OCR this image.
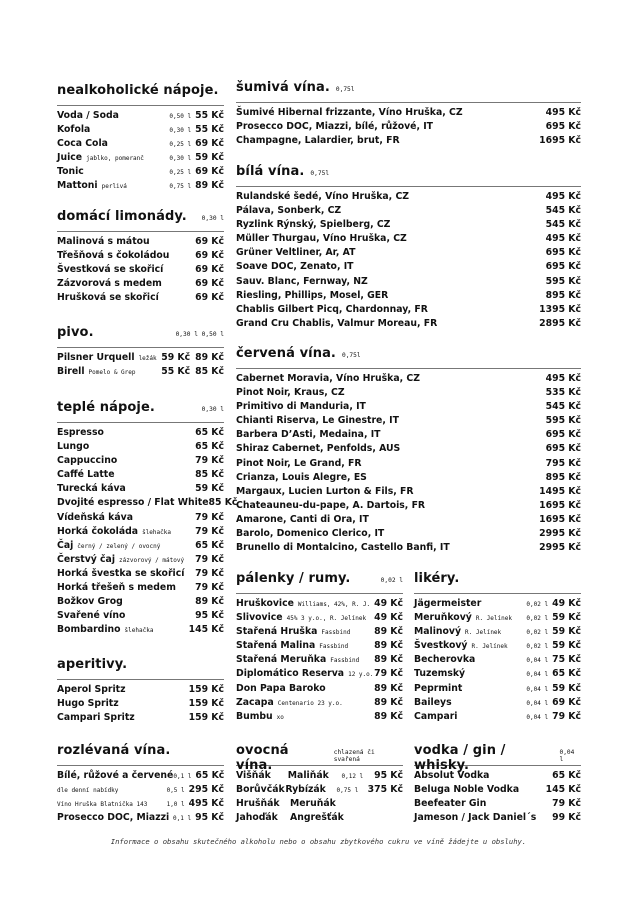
nealkoholické nápoje.
Voda / Soda	0,50 l 55 Kč
Kofola	0,30 l 55 Kč
Coca Cola	0,25 l 69 Kč
Juice jablko, pomeranč	0,30 l 59 Kč
Tonic	0,25 l 69 Kč
Mattoni perlivá	0,75 l 89 Kč
domácí limonády. 0,30 l
Malinová s mátou	69 Kč
Třešňová s čokoládou	69 Kč
Švestková se skořicí	69 Kč
Zázvorová s medem	69 Kč
Hrušková se skořicí	69 Kč
pivo.	0,30 l 0,50 l
Pilsner Urquell ležák 59 Kč 89 Kč
Birell Pomelo & Grep	55 Kč 85 Kč
teplé nápoje.	0,30 l
Espresso	65 Kč
Lungo	65 Kč
Cappuccino	79 Kč
Caffé Latte	85 Kč
Turecká káva	59 Kč
Dvojité espresso / Flat White 85 Kč
Vídeňská káva	79 Kč
Horká čokoláda šlehačka	79 Kč
Čaj černý / zelený / ovocný	65 Kč
Čerstvý čaj zázvorový / mátový 79 Kč
Horká švestka se skořicí 79 Kč
Horká třešeň s medem 79 Kč
Božkov Grog	89 Kč
Svařené víno	95 Kč
Bombardino šlehačka	145 Kč
aperitivy.
Aperol Spritz	159 Kč
Hugo Spritz	159 Kč
Campari Spritz	159 Kč
rozlévaná vína.
Bílé, růžové a červené 0,1 l 65 Kč
dle denní nabídky	0,5 l 295 Kč
Víno Hruška Blatnička 143	1,0 l 495 Kč
Prosecco DOC, Miazzi 0,1 l 95 Kč
šumivá vína. 0,75l
Šumivé Hibernal frizzante, Víno Hruška, CZ	495 Kč
Prosecco DOC, Miazzi, bílé, růžové, IT	695 Kč
Champagne, Lalardier, brut, FR	1695 Kč
bílá vína. 0,75l
Rulandské šedé, Víno Hruška, CZ	495 Kč
Pálava, Sonberk, CZ	545 Kč
Ryzlink Rýnský, Spielberg, CZ	545 Kč
Müller Thurgau, Víno Hruška, CZ	495 Kč
Grüner Veltliner, Ar, AT	695 Kč
Soave DOC, Zenato, IT	695 Kč
Sauv. Blanc, Fernway, NZ	595 Kč
Riesling, Phillips, Mosel, GER	895 Kč
Chablis Gilbert Picq, Chardonnay, FR	1395 Kč
Grand Cru Chablis, Valmur Moreau, FR	2895 Kč
červená vína. 0,75l
Cabernet Moravia, Víno Hruška, CZ	495 Kč
Pinot Noir, Kraus, CZ	535 Kč
Primitivo di Manduria, IT	545 Kč
Chianti Riserva, Le Ginestre, IT	595 Kč
Barbera D’Asti, Medaina, IT	695 Kč
Shiraz Cabernet, Penfolds, AUS	695 Kč
Pinot Noir, Le Grand, FR	795 Kč
Crianza, Louis Alegre, ES	895 Kč
Margaux, Lucien Lurton & Fils, FR	1495 Kč
Chateauneu-du-pape, A. Dartois, FR	1695 Kč
Amarone, Canti di Ora, IT	1695 Kč
Barolo, Domenico Clerico, IT	2995 Kč
Brunello di Montalcino, Castello Banfi, IT	2995 Kč
pálenky / rumy.	0,02 l
Hruškovice Williams, 42%, R. J. 49 Kč
Slivovice 45% 3 y.o., R. Jelínek 49 Kč
Stařená Hruška Fassbind	89 Kč
Stařená Malina Fassbind	89 Kč
Stařená Meruňka Fassbind 89 Kč
Diplomático Reserva 12 y.o. 79 Kč
Don Papa Baroko	89 Kč
Zacapa Centenario 23 y.o.	89 Kč
Bumbu xo	89 Kč
likéry.
Jägermeister	0,02 l 49 Kč
Meruňkový R. Jelínek 0,02 l 59 Kč
Malinový R. Jelínek	0,02 l 59 Kč
Švestkový R. Jelínek	0,02 l 59 Kč
Becherovka	0,04 l 75 Kč
Tuzemský	0,04 l 65 Kč
Peprmint	0,04 l 59 Kč
Baileys	0,04 l 69 Kč
Campari	0,04 l 79 Kč
ovocná vína.
chlazená či svařená
Višňák	Maliňák	0,12 l	95 Kč
Borůvčák Rybízák	0,75 l	375 Kč
Hrušňák	Meruňák
Jahoďák	Angrešťák
vodka / gin / whisky.
0,04 l
Absolut Vodka	65 Kč
Beluga Noble Vodka	145 Kč
Beefeater Gin	79 Kč
Jameson / Jack Daniel´s 99 Kč
Informace o obsahu skutečného alkoholu nebo o obsahu zbytkového cukru ve víně žádejte u obsluhy.
